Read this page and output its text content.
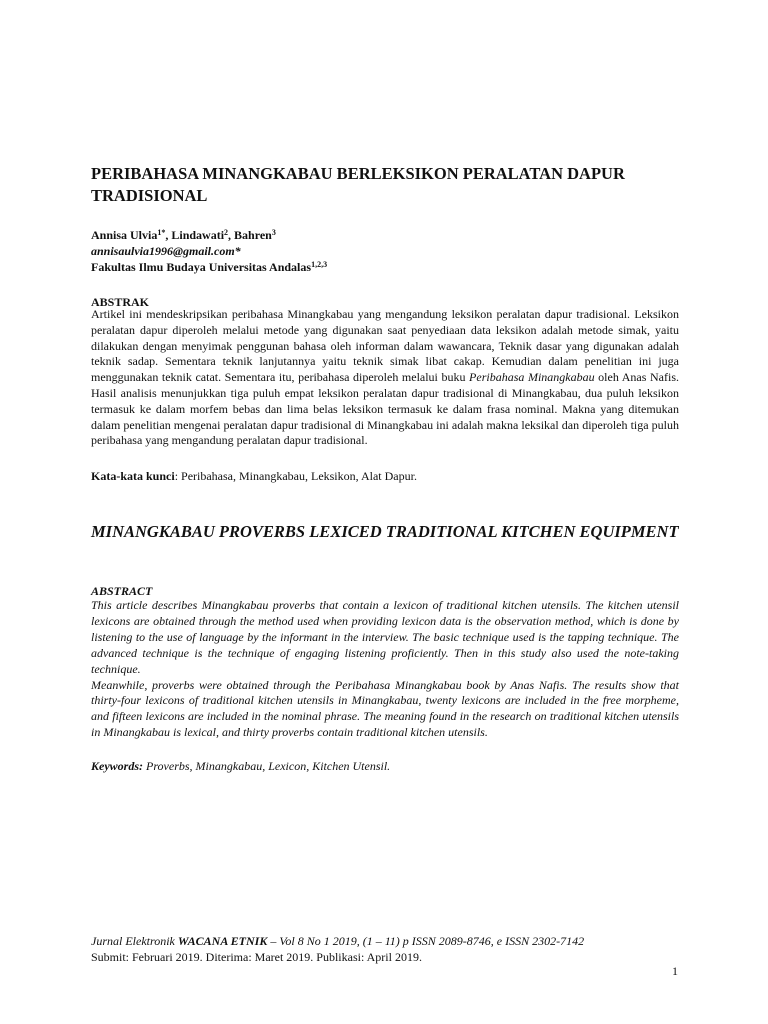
PERIBAHASA MINANGKABAU BERLEKSIKON PERALATAN DAPUR TRADISIONAL
Annisa Ulvia$^{1*}$, Lindawati$^2$, Bahren$^3$
annisaulvia1996@gmail.com*
Fakultas Ilmu Budaya Universitas Andalas$^{1,2,3}$
ABSTRAK

Artikel ini mendeskripsikan peribahasa Minangkabau yang mengandung leksikon peralatan dapur tradisional. Leksikon peralatan dapur diperoleh melalui metode yang digunakan saat penyediaan data leksikon adalah metode simak, yaitu dilakukan dengan menyimak penggunan bahasa oleh informan dalam wawancara, Teknik dasar yang digunakan adalah teknik sadap. Sementara teknik lanjutannya yaitu teknik simak libat cakap. Kemudian dalam penelitian ini juga menggunakan teknik catat. Sementara itu, peribahasa diperoleh melalui buku Peribahasa Minangkabau oleh Anas Nafis. Hasil analisis menunjukkan tiga puluh empat leksikon peralatan dapur tradisional di Minangkabau, dua puluh leksikon termasuk ke dalam morfem bebas dan lima belas leksikon termasuk ke dalam frasa nominal. Makna yang ditemukan dalam penelitian mengenai peralatan dapur tradisional di Minangkabau ini adalah makna leksikal dan diperoleh tiga puluh peribahasa yang mengandung peralatan dapur tradisional.

Kata-kata kunci: Peribahasa, Minangkabau, Leksikon, Alat Dapur.

MINANGKABAU PROVERBS LEXICED TRADITIONAL KITCHEN EQUIPMENT
ABSTRACT

This article describes Minangkabau proverbs that contain a lexicon of traditional kitchen utensils. The kitchen utensil lexicons are obtained through the method used when providing lexicon data is the observation method, which is done by listening to the use of language by the informant in the interview. The basic technique used is the tapping technique. The advanced technique is the technique of engaging listening proficiently. Then in this study also used the note-taking technique.

Meanwhile, proverbs were obtained through the Peribahasa Minangkabau book by Anas Nafis. The results show that thirty-four lexicons of traditional kitchen utensils in Minangkabau, twenty lexicons are included in the free morpheme, and fifteen lexicons are included in the nominal phrase. The meaning found in the research on traditional kitchen utensils in Minangkabau is lexical, and thirty proverbs contain traditional kitchen utensils.

Keywords: Proverbs, Minangkabau, Lexicon, Kitchen Utensil.

Jurnal Elektronik WACANA ETNIK – Vol 8 No 1 2019, (1 – 11) p ISSN 2089-8746, e ISSN 2302-7142
Submit: Februari 2019. Diterima: Maret 2019. Publikasi: April 2019.
1
